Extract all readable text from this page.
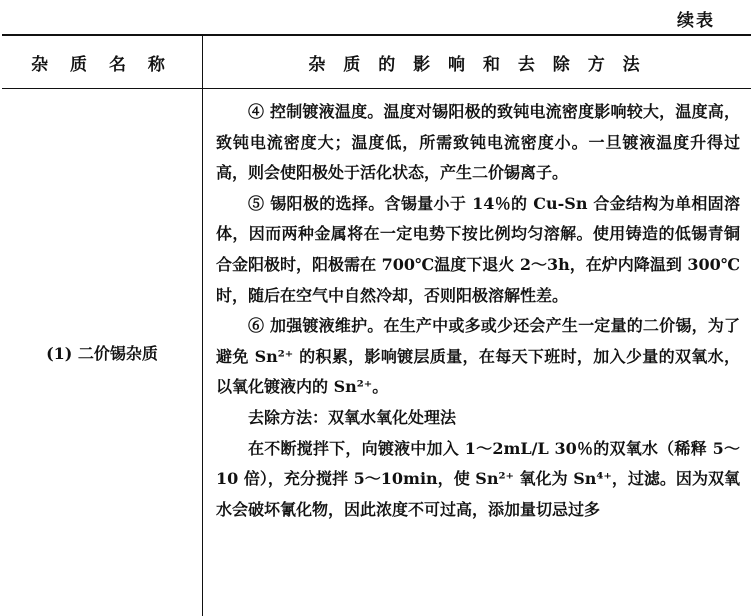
续表
杂 质 名 称	杂 质 的 影 响 和 去 除 方 法
(1) 二价锡杂质

④ 控制镀液温度。温度对锡阳极的致钝电流密度影响较大，温度高，致钝电流密度大；温度低，所需致钝电流密度小。一旦镀液温度升得过高，则会使阳极处于活化状态，产生二价锡离子。

⑤ 锡阳极的选择。含锡量小于 14％的 Cu-Sn 合金结构为单相固溶体，因而两种金属将在一定电势下按比例均匀溶解。使用铸造的低锡青铜合金阳极时，阳极需在 700℃温度下退火 2～3h，在炉内降温到 300℃时，随后在空气中自然冷却，否则阳极溶解性差。

⑥ 加强镀液维护。在生产中或多或少还会产生一定量的二价锡，为了避免 Sn²⁺ 的积累，影响镀层质量，在每天下班时，加入少量的双氧水，以氧化镀液内的 Sn²⁺。

去除方法：双氧水氧化处理法

在不断搅拌下，向镀液中加入 1～2mL/L 30％的双氧水（稀释 5～10 倍），充分搅拌 5～10min，使 Sn²⁺ 氧化为 Sn⁴⁺，过滤。因为双氧水会破坏氰化物，因此浓度不可过高，添加量切忌过多
